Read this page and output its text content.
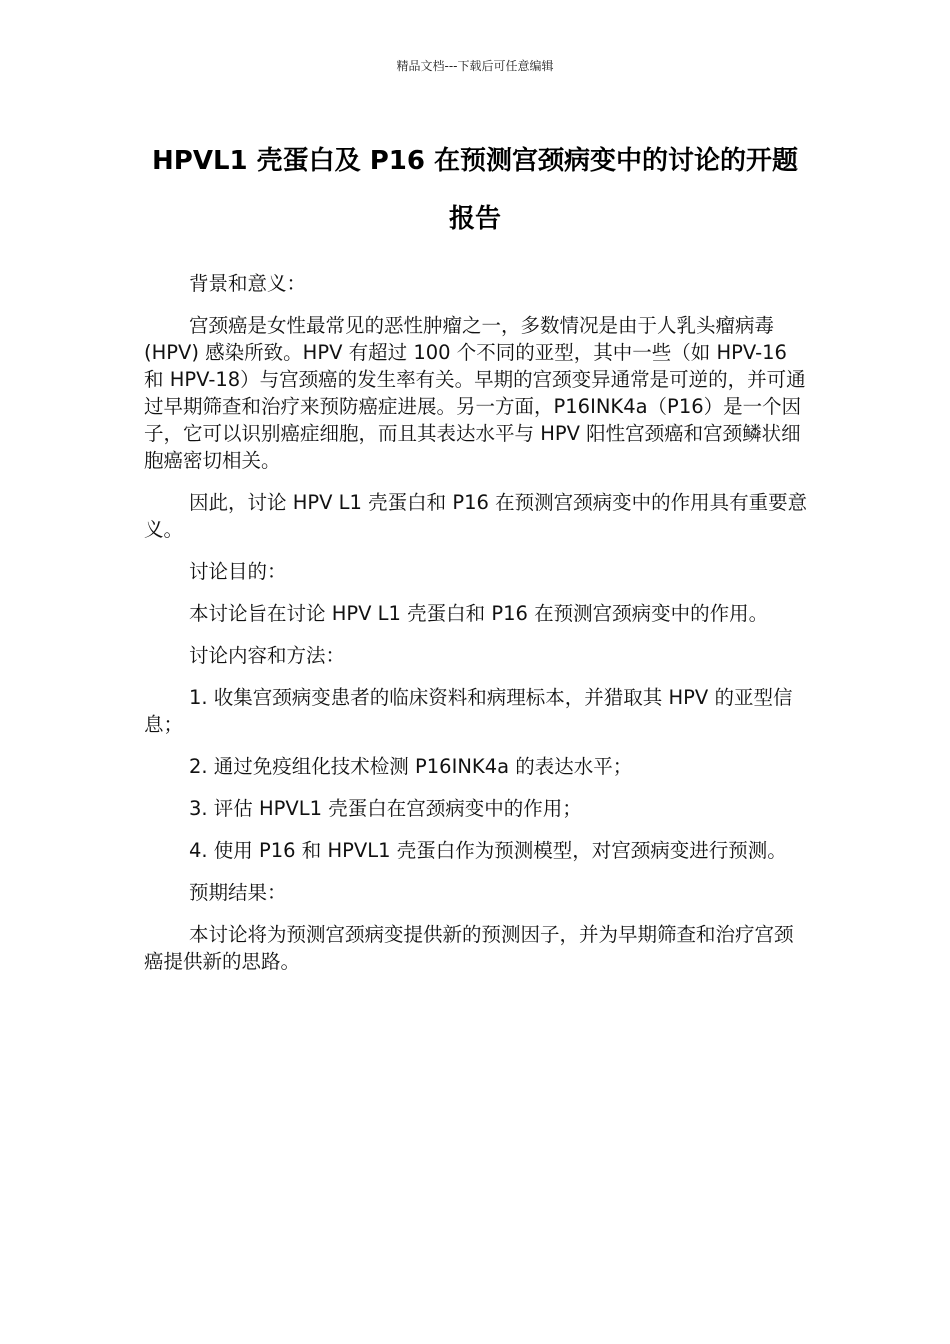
精品文档---下载后可任意编辑
HPVL1 壳蛋白及 P16 在预测宫颈病变中的讨论的开题报告

背景和意义：

宫颈癌是女性最常见的恶性肿瘤之一，多数情况是由于人乳头瘤病毒(HPV) 感染所致。HPV 有超过 100 个不同的亚型，其中一些（如 HPV-16 和 HPV-18）与宫颈癌的发生率有关。早期的宫颈变异通常是可逆的，并可通过早期筛查和治疗来预防癌症进展。另一方面，P16INK4a（P16）是一个因子，它可以识别癌症细胞，而且其表达水平与 HPV 阳性宫颈癌和宫颈鳞状细胞癌密切相关。

因此，讨论 HPV L1 壳蛋白和 P16 在预测宫颈病变中的作用具有重要意义。

讨论目的：

本讨论旨在讨论 HPV L1 壳蛋白和 P16 在预测宫颈病变中的作用。

讨论内容和方法：

1. 收集宫颈病变患者的临床资料和病理标本，并猎取其 HPV 的亚型信息；

2. 通过免疫组化技术检测 P16INK4a 的表达水平；

3. 评估 HPVL1 壳蛋白在宫颈病变中的作用；

4. 使用 P16 和 HPVL1 壳蛋白作为预测模型，对宫颈病变进行预测。

预期结果：

本讨论将为预测宫颈病变提供新的预测因子，并为早期筛查和治疗宫颈癌提供新的思路。
